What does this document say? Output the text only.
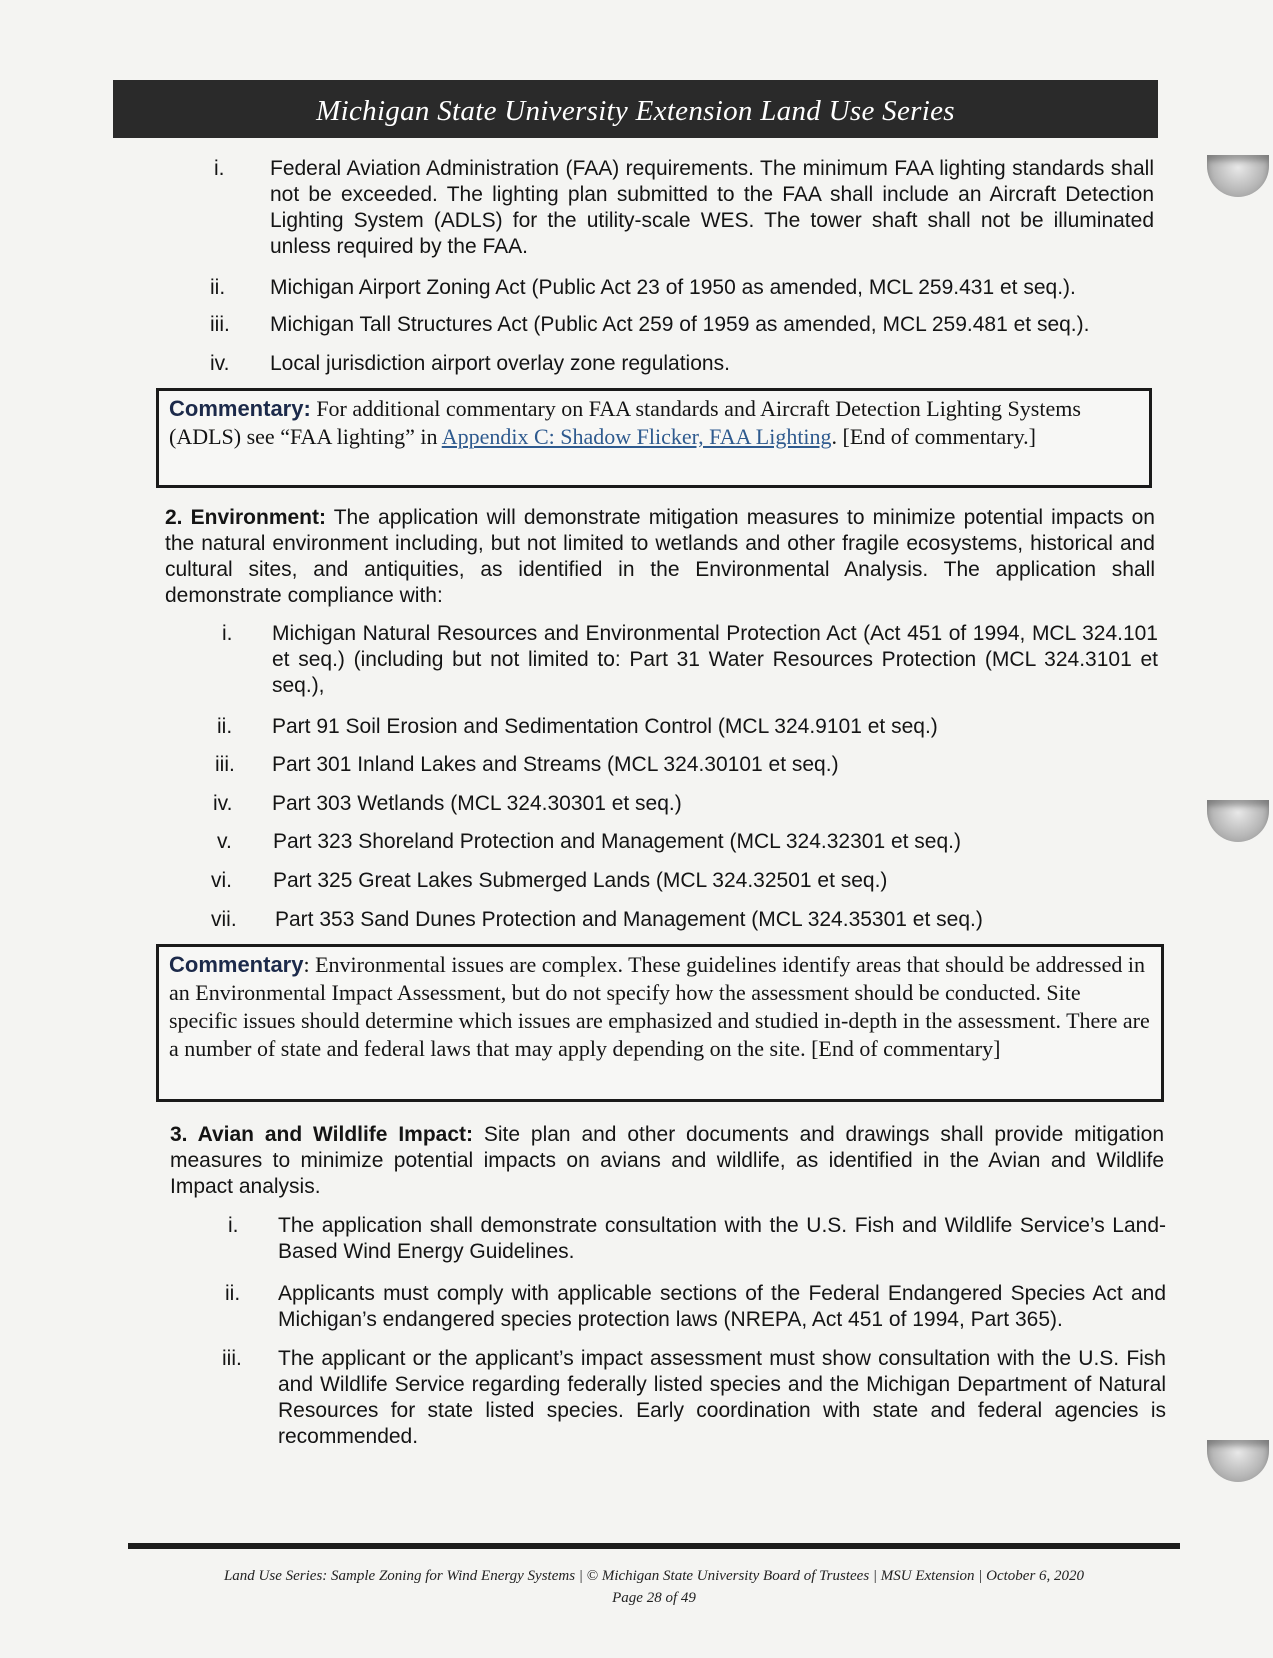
Michigan State University Extension Land Use Series
i.	Federal Aviation Administration (FAA) requirements. The minimum FAA lighting standards shall not be exceeded. The lighting plan submitted to the FAA shall include an Aircraft Detection Lighting System (ADLS) for the utility-scale WES. The tower shaft shall not be illuminated unless required by the FAA.
ii.	Michigan Airport Zoning Act (Public Act 23 of 1950 as amended, MCL 259.431 et seq.).
iii.	Michigan Tall Structures Act (Public Act 259 of 1959 as amended, MCL 259.481 et seq.).
iv.	Local jurisdiction airport overlay zone regulations.
Commentary: For additional commentary on FAA standards and Aircraft Detection Lighting Systems (ADLS) see “FAA lighting” in Appendix C: Shadow Flicker, FAA Lighting. [End of commentary.]
2. Environment: The application will demonstrate mitigation measures to minimize potential impacts on the natural environment including, but not limited to wetlands and other fragile ecosystems, historical and cultural sites, and antiquities, as identified in the Environmental Analysis. The application shall demonstrate compliance with:
i.	Michigan Natural Resources and Environmental Protection Act (Act 451 of 1994, MCL 324.101 et seq.) (including but not limited to: Part 31 Water Resources Protection (MCL 324.3101 et seq.),
ii.	Part 91 Soil Erosion and Sedimentation Control (MCL 324.9101 et seq.)
iii.	Part 301 Inland Lakes and Streams (MCL 324.30101 et seq.)
iv.	Part 303 Wetlands (MCL 324.30301 et seq.)
v.	Part 323 Shoreland Protection and Management (MCL 324.32301 et seq.)
vi.	Part 325 Great Lakes Submerged Lands (MCL 324.32501 et seq.)
vii.	Part 353 Sand Dunes Protection and Management (MCL 324.35301 et seq.)
Commentary: Environmental issues are complex. These guidelines identify areas that should be addressed in an Environmental Impact Assessment, but do not specify how the assessment should be conducted. Site specific issues should determine which issues are emphasized and studied in-depth in the assessment. There are a number of state and federal laws that may apply depending on the site. [End of commentary]
3. Avian and Wildlife Impact: Site plan and other documents and drawings shall provide mitigation measures to minimize potential impacts on avians and wildlife, as identified in the Avian and Wildlife Impact analysis.
i.	The application shall demonstrate consultation with the U.S. Fish and Wildlife Service’s Land-Based Wind Energy Guidelines.
ii.	Applicants must comply with applicable sections of the Federal Endangered Species Act and Michigan’s endangered species protection laws (NREPA, Act 451 of 1994, Part 365).
iii.	The applicant or the applicant’s impact assessment must show consultation with the U.S. Fish and Wildlife Service regarding federally listed species and the Michigan Department of Natural Resources for state listed species. Early coordination with state and federal agencies is recommended.
Land Use Series: Sample Zoning for Wind Energy Systems | © Michigan State University Board of Trustees | MSU Extension | October 6, 2020
Page 28 of 49
